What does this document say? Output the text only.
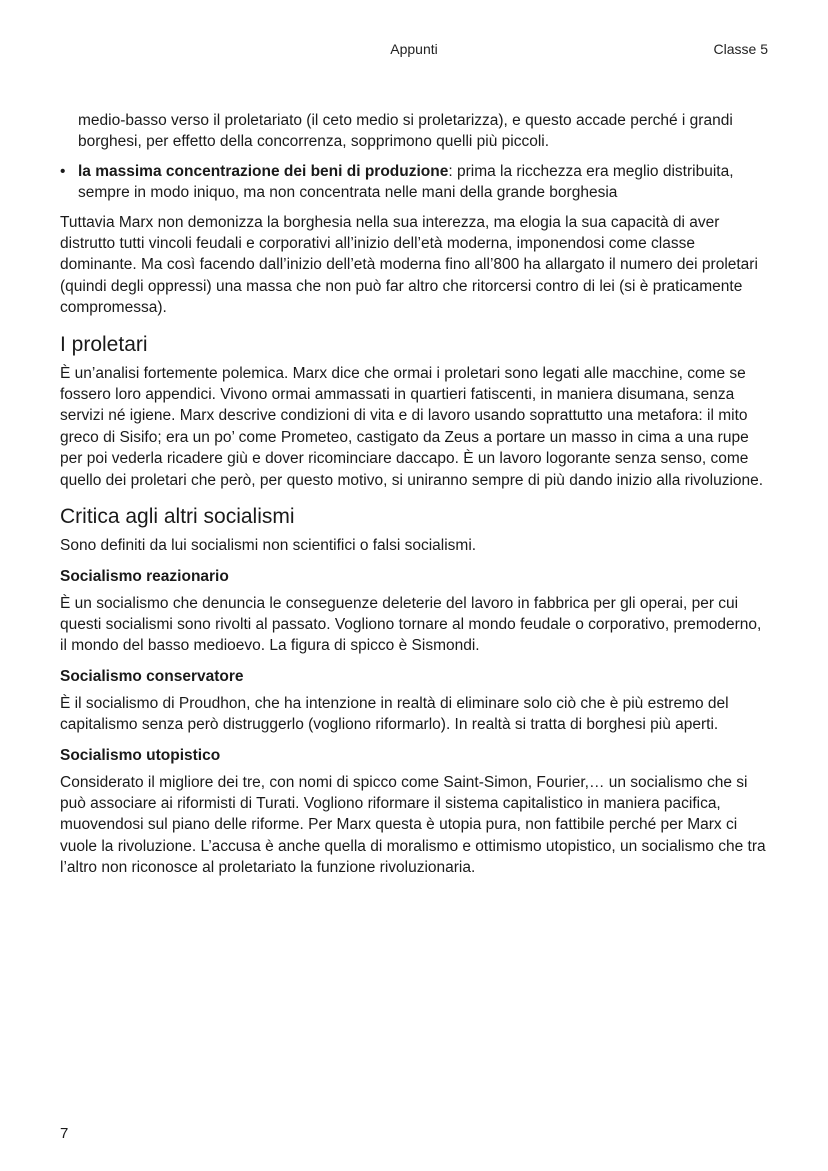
Appunti	Classe 5

medio-basso verso il proletariato (il ceto medio si proletarizza), e questo accade perché i grandi borghesi, per effetto della concorrenza, sopprimono quelli più piccoli.

• la massima concentrazione dei beni di produzione: prima la ricchezza era meglio distribuita, sempre in modo iniquo, ma non concentrata nelle mani della grande borghesia

Tuttavia Marx non demonizza la borghesia nella sua interezza, ma elogia la sua capacità di aver distrutto tutti vincoli feudali e corporativi all’inizio dell’età moderna, imponendosi come classe dominante. Ma così facendo dall’inizio dell’età moderna fino all’800 ha allargato il numero dei proletari (quindi degli oppressi) una massa che non può far altro che ritorcersi contro di lei (si è praticamente compromessa).

I proletari

È un’analisi fortemente polemica. Marx dice che ormai i proletari sono legati alle macchine, come se fossero loro appendici. Vivono ormai ammassati in quartieri fatiscenti, in maniera disumana, senza servizi né igiene. Marx descrive condizioni di vita e di lavoro usando soprattutto una metafora: il mito greco di Sisifo; era un po’ come Prometeo, castigato da Zeus a portare un masso in cima a una rupe per poi vederla ricadere giù e dover ricominciare daccapo. È un lavoro logorante senza senso, come quello dei proletari che però, per questo motivo, si uniranno sempre di più dando inizio alla rivoluzione.

Critica agli altri socialismi

Sono definiti da lui socialismi non scientifici o falsi socialismi.

Socialismo reazionario

È un socialismo che denuncia le conseguenze deleterie del lavoro in fabbrica per gli operai, per cui questi socialismi sono rivolti al passato. Vogliono tornare al mondo feudale o corporativo, premoderno, il mondo del basso medioevo. La figura di spicco è Sismondi.

Socialismo conservatore

È il socialismo di Proudhon, che ha intenzione in realtà di eliminare solo ciò che è più estremo del capitalismo senza però distruggerlo (vogliono riformarlo). In realtà si tratta di borghesi più aperti.

Socialismo utopistico

Considerato il migliore dei tre, con nomi di spicco come Saint-Simon, Fourier,… un socialismo che si può associare ai riformisti di Turati. Vogliono riformare il sistema capitalistico in maniera pacifica, muovendosi sul piano delle riforme. Per Marx questa è utopia pura, non fattibile perché per Marx ci vuole la rivoluzione. L’accusa è anche quella di moralismo e ottimismo utopistico, un socialismo che tra l’altro non riconosce al proletariato la funzione rivoluzionaria.

7
